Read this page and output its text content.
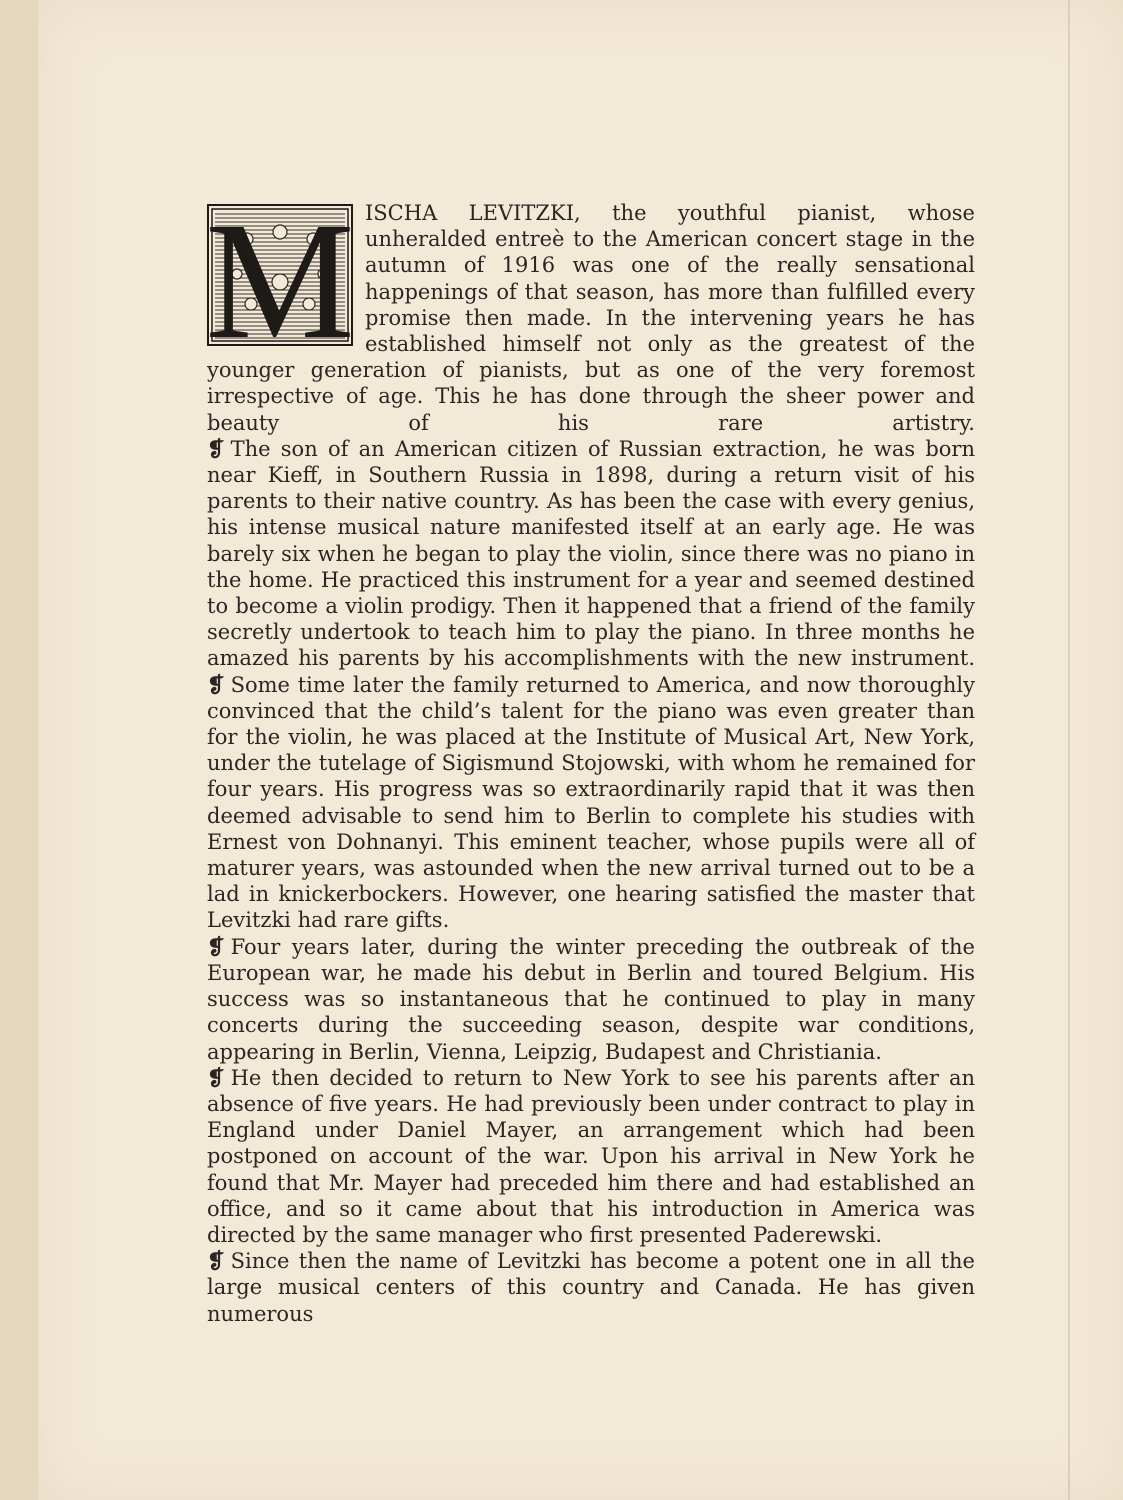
M ISCHA LEVITZKI, the youthful pianist, whose unheralded entreè to the American concert stage in the autumn of 1916 was one of the really sensational happenings of that season, has more than fulfilled every promise then made. In the intervening years he has established himself not only as the greatest of the younger generation of pianists, but as one of the very foremost irrespective of age. This he has done through the sheer power and beauty of his rare artistry.

❡ The son of an American citizen of Russian extraction, he was born near Kieff, in Southern Russia in 1898, during a return visit of his parents to their native country. As has been the case with every genius, his intense musical nature manifested itself at an early age. He was barely six when he began to play the violin, since there was no piano in the home. He practiced this instrument for a year and seemed destined to become a violin prodigy. Then it happened that a friend of the family secretly undertook to teach him to play the piano. In three months he amazed his parents by his accomplishments with the new instrument.

❡ Some time later the family returned to America, and now thoroughly convinced that the child’s talent for the piano was even greater than for the violin, he was placed at the Institute of Musical Art, New York, under the tutelage of Sigismund Stojowski, with whom he remained for four years. His progress was so extraordinarily rapid that it was then deemed advisable to send him to Berlin to complete his studies with Ernest von Dohnanyi. This eminent teacher, whose pupils were all of maturer years, was astounded when the new arrival turned out to be a lad in knickerbockers. However, one hearing satisfied the master that Levitzki had rare gifts.

❡ Four years later, during the winter preceding the outbreak of the European war, he made his debut in Berlin and toured Belgium. His success was so instantaneous that he continued to play in many concerts during the succeeding season, despite war conditions, appearing in Berlin, Vienna, Leipzig, Budapest and Christiania.

❡ He then decided to return to New York to see his parents after an absence of five years. He had previously been under contract to play in England under Daniel Mayer, an arrangement which had been postponed on account of the war. Upon his arrival in New York he found that Mr. Mayer had preceded him there and had established an office, and so it came about that his introduction in America was directed by the same manager who first presented Paderewski.

❡ Since then the name of Levitzki has become a potent one in all the large musical centers of this country and Canada. He has given numerous
